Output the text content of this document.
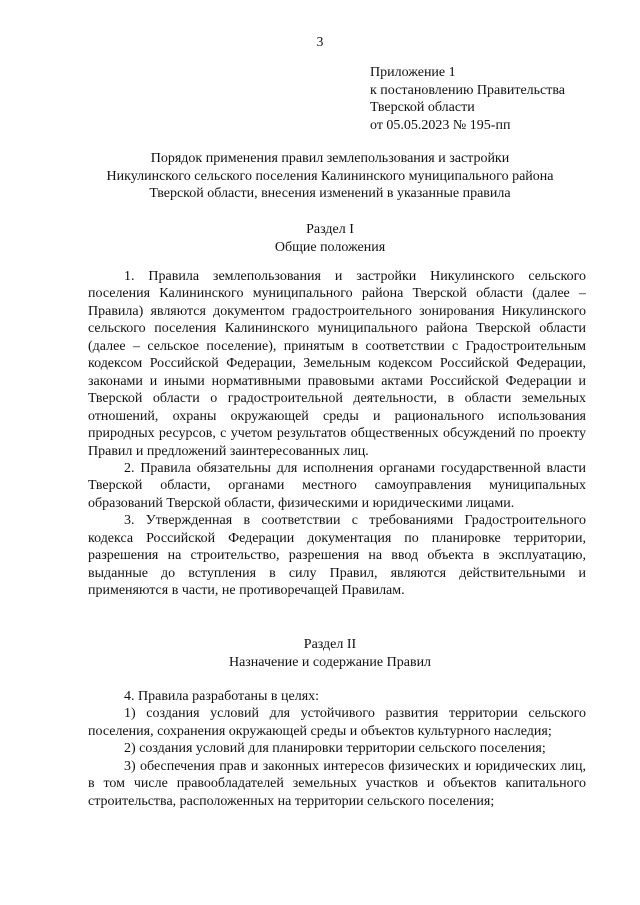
3
Приложение 1
к постановлению Правительства
Тверской области
от 05.05.2023 № 195-пп
Порядок применения правил землепользования и застройки
Никулинского сельского поселения Калининского муниципального района
Тверской области, внесения изменений в указанные правила
Раздел I
Общие положения

1. Правила землепользования и застройки Никулинского сельского поселения Калининского муниципального района Тверской области (далее – Правила) являются документом градостроительного зонирования Никулинского сельского поселения Калининского муниципального района Тверской области (далее – сельское поселение), принятым в соответствии с Градостроительным кодексом Российской Федерации, Земельным кодексом Российской Федерации, законами и иными нормативными правовыми актами Российской Федерации и Тверской области о градостроительной деятельности, в области земельных отношений, охраны окружающей среды и рационального использования природных ресурсов, с учетом результатов общественных обсуждений по проекту Правил и предложений заинтересованных лиц.

2. Правила обязательны для исполнения органами государственной власти Тверской области, органами местного самоуправления муниципальных образований Тверской области, физическими и юридическими лицами.

3. Утвержденная в соответствии с требованиями Градостроительного кодекса Российской Федерации документация по планировке территории, разрешения на строительство, разрешения на ввод объекта в эксплуатацию, выданные до вступления в силу Правил, являются действительными и применяются в части, не противоречащей Правилам.

Раздел II
Назначение и содержание Правил

4. Правила разработаны в целях:

1) создания условий для устойчивого развития территории сельского поселения, сохранения окружающей среды и объектов культурного наследия;

2) создания условий для планировки территории сельского поселения;

3) обеспечения прав и законных интересов физических и юридических лиц, в том числе правообладателей земельных участков и объектов капитального строительства, расположенных на территории сельского поселения;
